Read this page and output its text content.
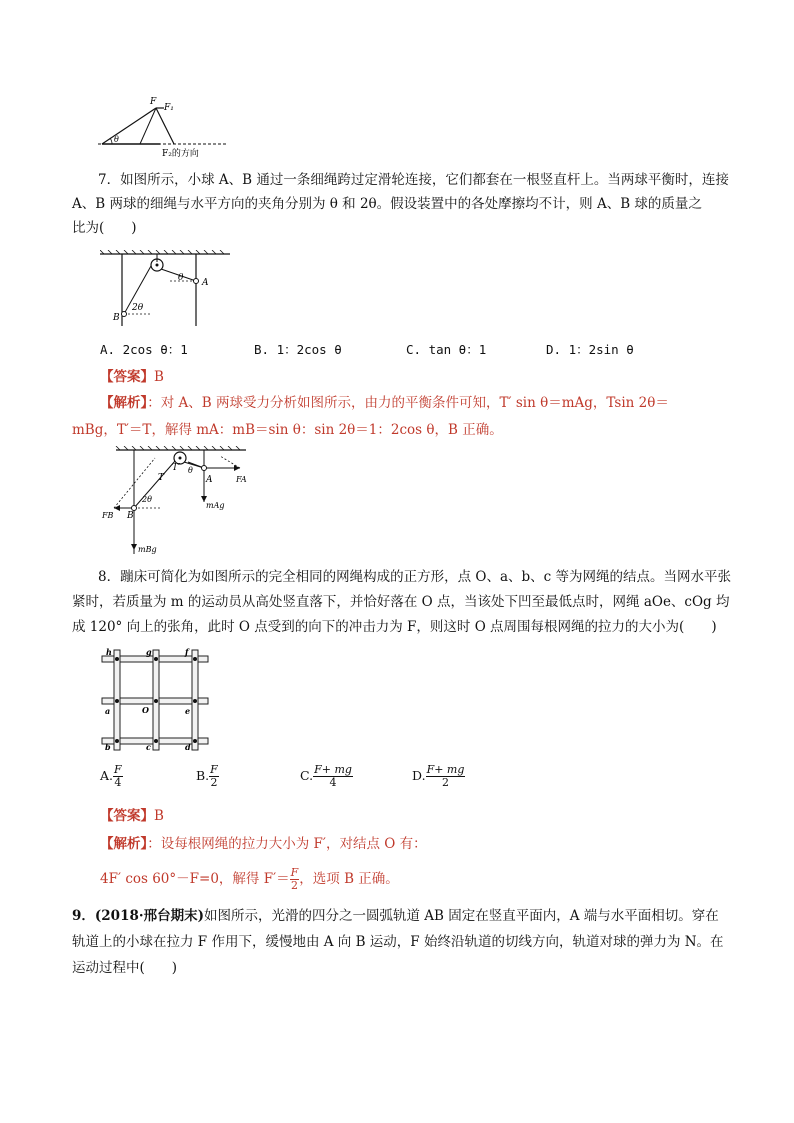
F
F₁
θ
F₂的方向
7．如图所示，小球 A、B 通过一条细绳跨过定滑轮连接，它们都套在一根竖直杆上。当两球平衡时，连接
A、B 两球的细绳与水平方向的夹角分别为 θ 和 2θ。假设装置中的各处摩擦均不计，则 A、B 球的质量之
比为(　　)
θ
2θ
A
B
A. 2cos θ：1	B. 1：2cos θ	C. tan θ：1	D. 1：2sin θ
【答案】B
【解析】：对 A、B 两球受力分析如图所示，由力的平衡条件可知，T′ sin θ＝mAg，Tsin 2θ＝
mBg，T′＝T，解得 mA：mB＝sin θ：sin 2θ＝1：2cos θ，B 正确。
T
T′ θ
2θ
A
B
FA
FB
mAg
mBg
8．蹦床可简化为如图所示的完全相同的网绳构成的正方形，点 O、a、b、c 等为网绳的结点。当网水平张
紧时，若质量为 m 的运动员从高处竖直落下，并恰好落在 O 点，当该处下凹至最低点时，网绳 aOe、cOg 均
成 120° 向上的张角，此时 O 点受到的向下的冲击力为 F，则这时 O 点周围每根网绳的拉力的大小为(　　)
h	g	f
a	O	e
b	c	d
A. $\frac{F}{4}$	B. $\frac{F}{2}$	C. $\frac{F+ mg}{4}$	D. $\frac{F+ mg}{2}$
【答案】B
【解析】：设每根网绳的拉力大小为 F′，对结点 O 有：
4F′ cos 60°－F=0，解得 $F'= \frac{F}{2}$ ，选项 B 正确。
9．(2018·邢台期末)如图所示，光滑的四分之一圆弧轨道 AB 固定在竖直平面内，A 端与水平面相切。穿在
轨道上的小球在拉力 F 作用下，缓慢地由 A 向 B 运动，F 始终沿轨道的切线方向，轨道对球的弹力为 N。在
运动过程中(　　)
